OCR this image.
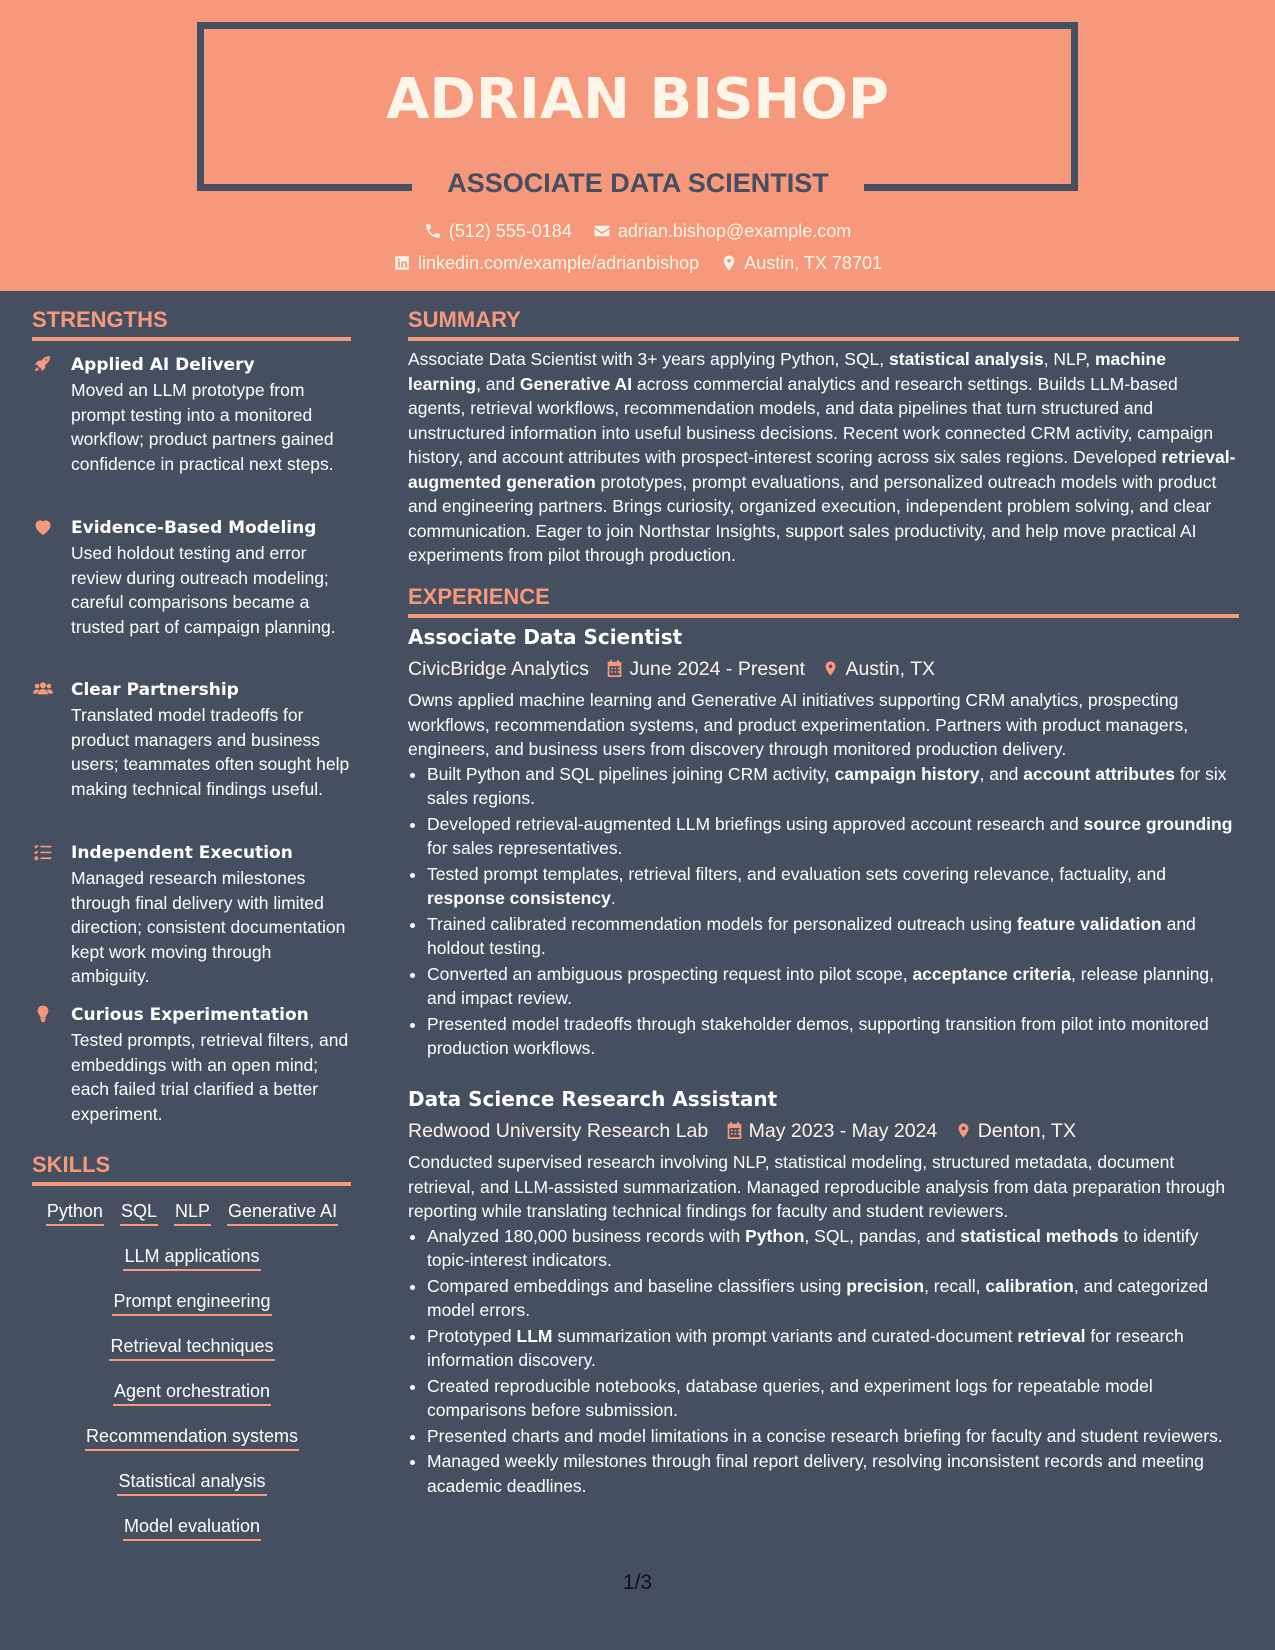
ADRIAN BISHOP
ASSOCIATE DATA SCIENTIST
(512) 555-0184	adrian.bishop@example.com
linkedin.com/example/adrianbishop	Austin, TX 78701
STRENGTHS
Applied AI Delivery
Moved an LLM prototype from prompt testing into a monitored workflow; product partners gained confidence in practical next steps.
Evidence-Based Modeling
Used holdout testing and error review during outreach modeling; careful comparisons became a trusted part of campaign planning.
Clear Partnership
Translated model tradeoffs for product managers and business users; teammates often sought help making technical findings useful.
Independent Execution
Managed research milestones through final delivery with limited direction; consistent documentation kept work moving through ambiguity.
Curious Experimentation
Tested prompts, retrieval filters, and embeddings with an open mind; each failed trial clarified a better experiment.
SKILLS
Python SQL NLP Generative AI
LLM applications
Prompt engineering
Retrieval techniques
Agent orchestration
Recommendation systems
Statistical analysis
Model evaluation
SUMMARY
Associate Data Scientist with 3+ years applying Python, SQL, statistical analysis, NLP, machine learning, and Generative AI across commercial analytics and research settings. Builds LLM-based agents, retrieval workflows, recommendation models, and data pipelines that turn structured and unstructured information into useful business decisions. Recent work connected CRM activity, campaign history, and account attributes with prospect-interest scoring across six sales regions. Developed retrieval-augmented generation prototypes, prompt evaluations, and personalized outreach models with product and engineering partners. Brings curiosity, organized execution, independent problem solving, and clear communication. Eager to join Northstar Insights, support sales productivity, and help move practical AI experiments from pilot through production.
EXPERIENCE
Associate Data Scientist
CivicBridge Analytics June 2024 - Present Austin, TX
Owns applied machine learning and Generative AI initiatives supporting CRM analytics, prospecting workflows, recommendation systems, and product experimentation. Partners with product managers, engineers, and business users from discovery through monitored production delivery.
• Built Python and SQL pipelines joining CRM activity, campaign history, and account attributes for six sales regions.
• Developed retrieval-augmented LLM briefings using approved account research and source grounding for sales representatives.
• Tested prompt templates, retrieval filters, and evaluation sets covering relevance, factuality, and response consistency.
• Trained calibrated recommendation models for personalized outreach using feature validation and holdout testing.
• Converted an ambiguous prospecting request into pilot scope, acceptance criteria, release planning, and impact review.
• Presented model tradeoffs through stakeholder demos, supporting transition from pilot into monitored production workflows.
Data Science Research Assistant
Redwood University Research Lab May 2023 - May 2024 Denton, TX
Conducted supervised research involving NLP, statistical modeling, structured metadata, document retrieval, and LLM-assisted summarization. Managed reproducible analysis from data preparation through reporting while translating technical findings for faculty and student reviewers.
• Analyzed 180,000 business records with Python, SQL, pandas, and statistical methods to identify topic-interest indicators.
• Compared embeddings and baseline classifiers using precision, recall, calibration, and categorized model errors.
• Prototyped LLM summarization with prompt variants and curated-document retrieval for research information discovery.
• Created reproducible notebooks, database queries, and experiment logs for repeatable model comparisons before submission.
• Presented charts and model limitations in a concise research briefing for faculty and student reviewers.
• Managed weekly milestones through final report delivery, resolving inconsistent records and meeting academic deadlines.
1/3
